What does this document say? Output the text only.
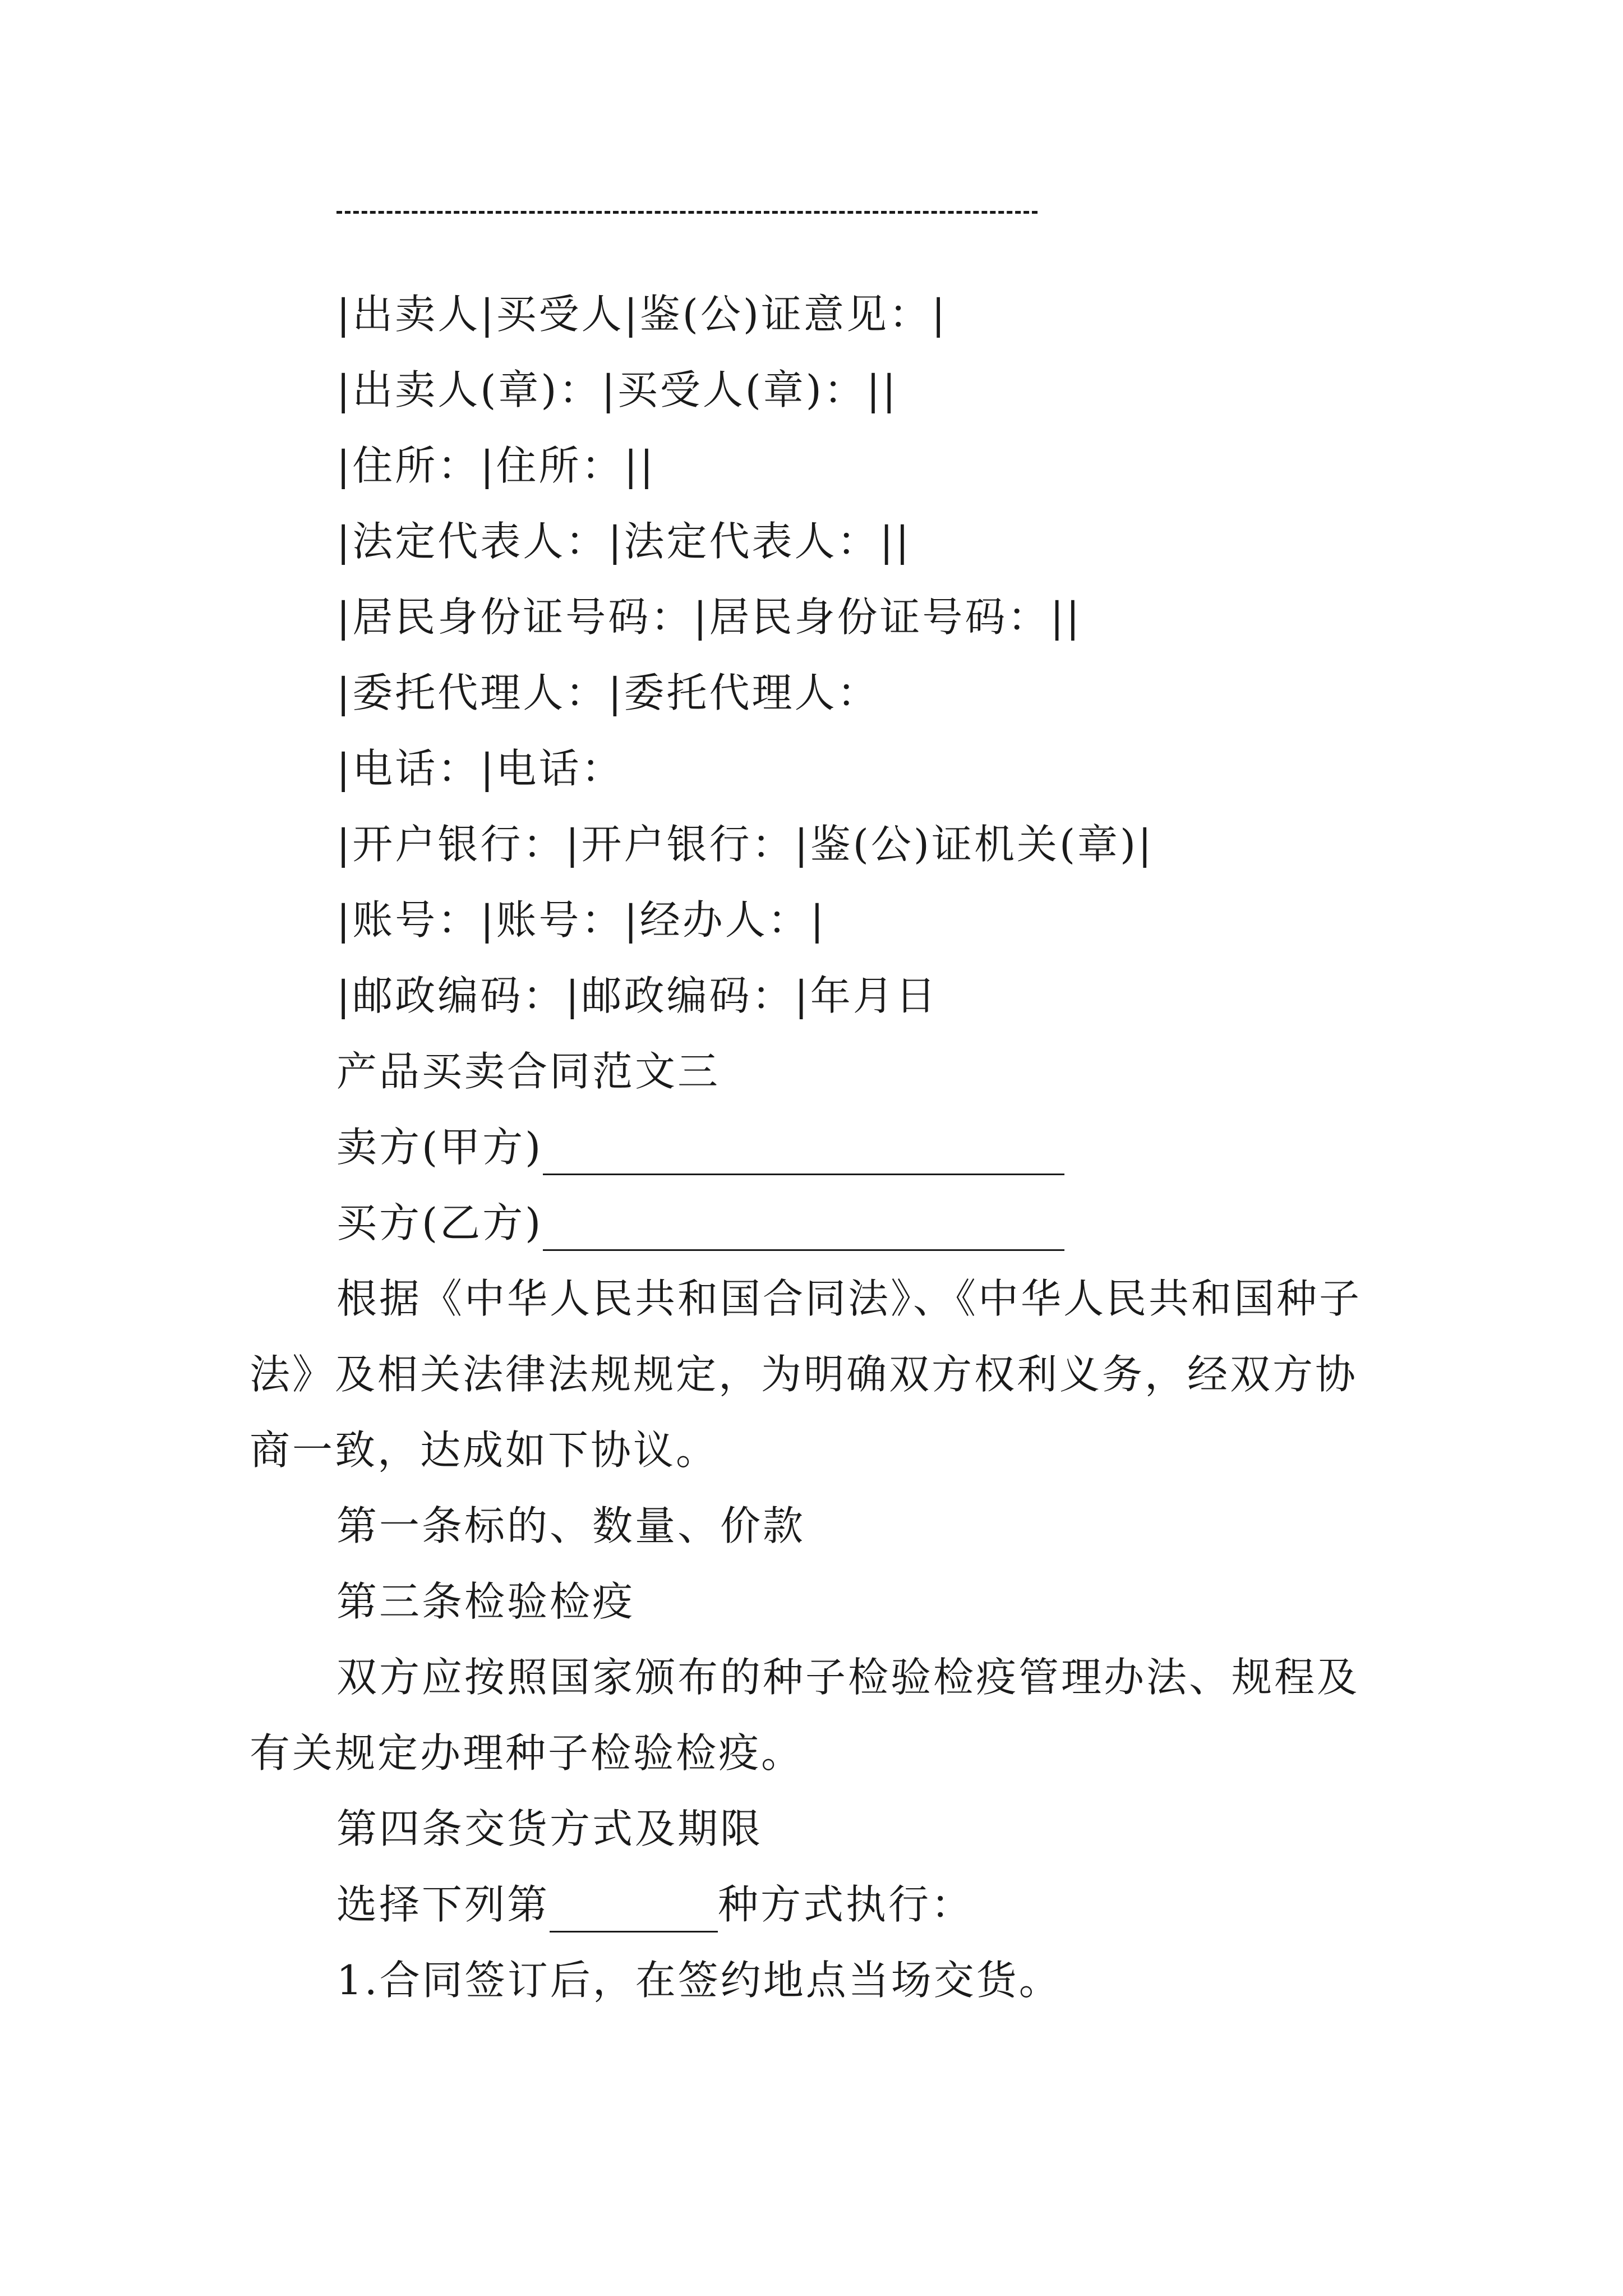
|出卖人|买受人|鉴(公)证意见：|
|出卖人(章)：|买受人(章)：||
|住所：|住所：||
|法定代表人：|法定代表人：||
|居民身份证号码：|居民身份证号码：||
|委托代理人：|委托代理人：
|电话：|电话：
|开户银行：|开户银行：|鉴(公)证机关(章)|
|账号：|账号：|经办人：|
|邮政编码：|邮政编码：|年月日
产品买卖合同范文三
卖方(甲方)
买方(乙方)
根据《中华人民共和国合同法》、《中华人民共和国种子
法》及相关法律法规规定，为明确双方权利义务，经双方协
商一致，达成如下协议。
第一条标的、数量、价款
第三条检验检疫
双方应按照国家颁布的种子检验检疫管理办法、规程及
有关规定办理种子检验检疫。
第四条交货方式及期限
选择下列第	种方式执行：
1.合同签订后，在签约地点当场交货。
